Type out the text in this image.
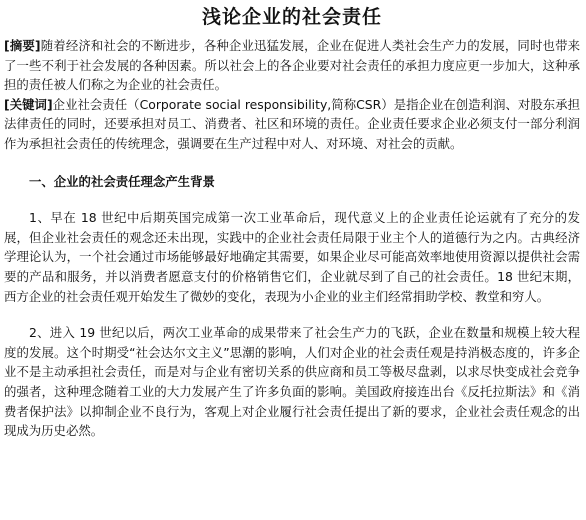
浅论企业的社会责任

[摘要]随着经济和社会的不断进步，各种企业迅猛发展，企业在促进人类社会生产力的发展，同时也带来了一些不利于社会发展的各种因素。所以社会上的各企业要对社会责任的承担力度应更一步加大，这种承担的责任被人们称之为企业的社会责任。

[关键词]企业社会责任（Corporate social responsibility,简称CSR）是指企业在创造利润、对股东承担法律责任的同时，还要承担对员工、消费者、社区和环境的责任。企业责任要求企业必须支付一部分利润作为承担社会责任的传统理念，强调要在生产过程中对人、对环境、对社会的贡献。

一、企业的社会责任理念产生背景

1、早在 18 世纪中后期英国完成第一次工业革命后，现代意义上的企业责任论运就有了充分的发展，但企业社会责任的观念还未出现，实践中的企业社会责任局限于业主个人的道德行为之内。古典经济学理论认为，一个社会通过市场能够最好地确定其需要，如果企业尽可能高效率地使用资源以提供社会需要的产品和服务，并以消费者愿意支付的价格销售它们，企业就尽到了自己的社会责任。18 世纪末期，西方企业的社会责任观开始发生了微妙的变化，表现为小企业的业主们经常捐助学校、教堂和穷人。

2、进入 19 世纪以后，两次工业革命的成果带来了社会生产力的飞跃，企业在数量和规模上较大程度的发展。这个时期受“社会达尔文主义”思潮的影响，人们对企业的社会责任观是持消极态度的，许多企业不是主动承担社会责任，而是对与企业有密切关系的供应商和员工等极尽盘剥，以求尽快变成社会竞争的强者，这种理念随着工业的大力发展产生了许多负面的影响。美国政府接连出台《反托拉斯法》和《消费者保护法》以抑制企业不良行为，客观上对企业履行社会责任提出了新的要求，企业社会责任观念的出现成为历史必然。
